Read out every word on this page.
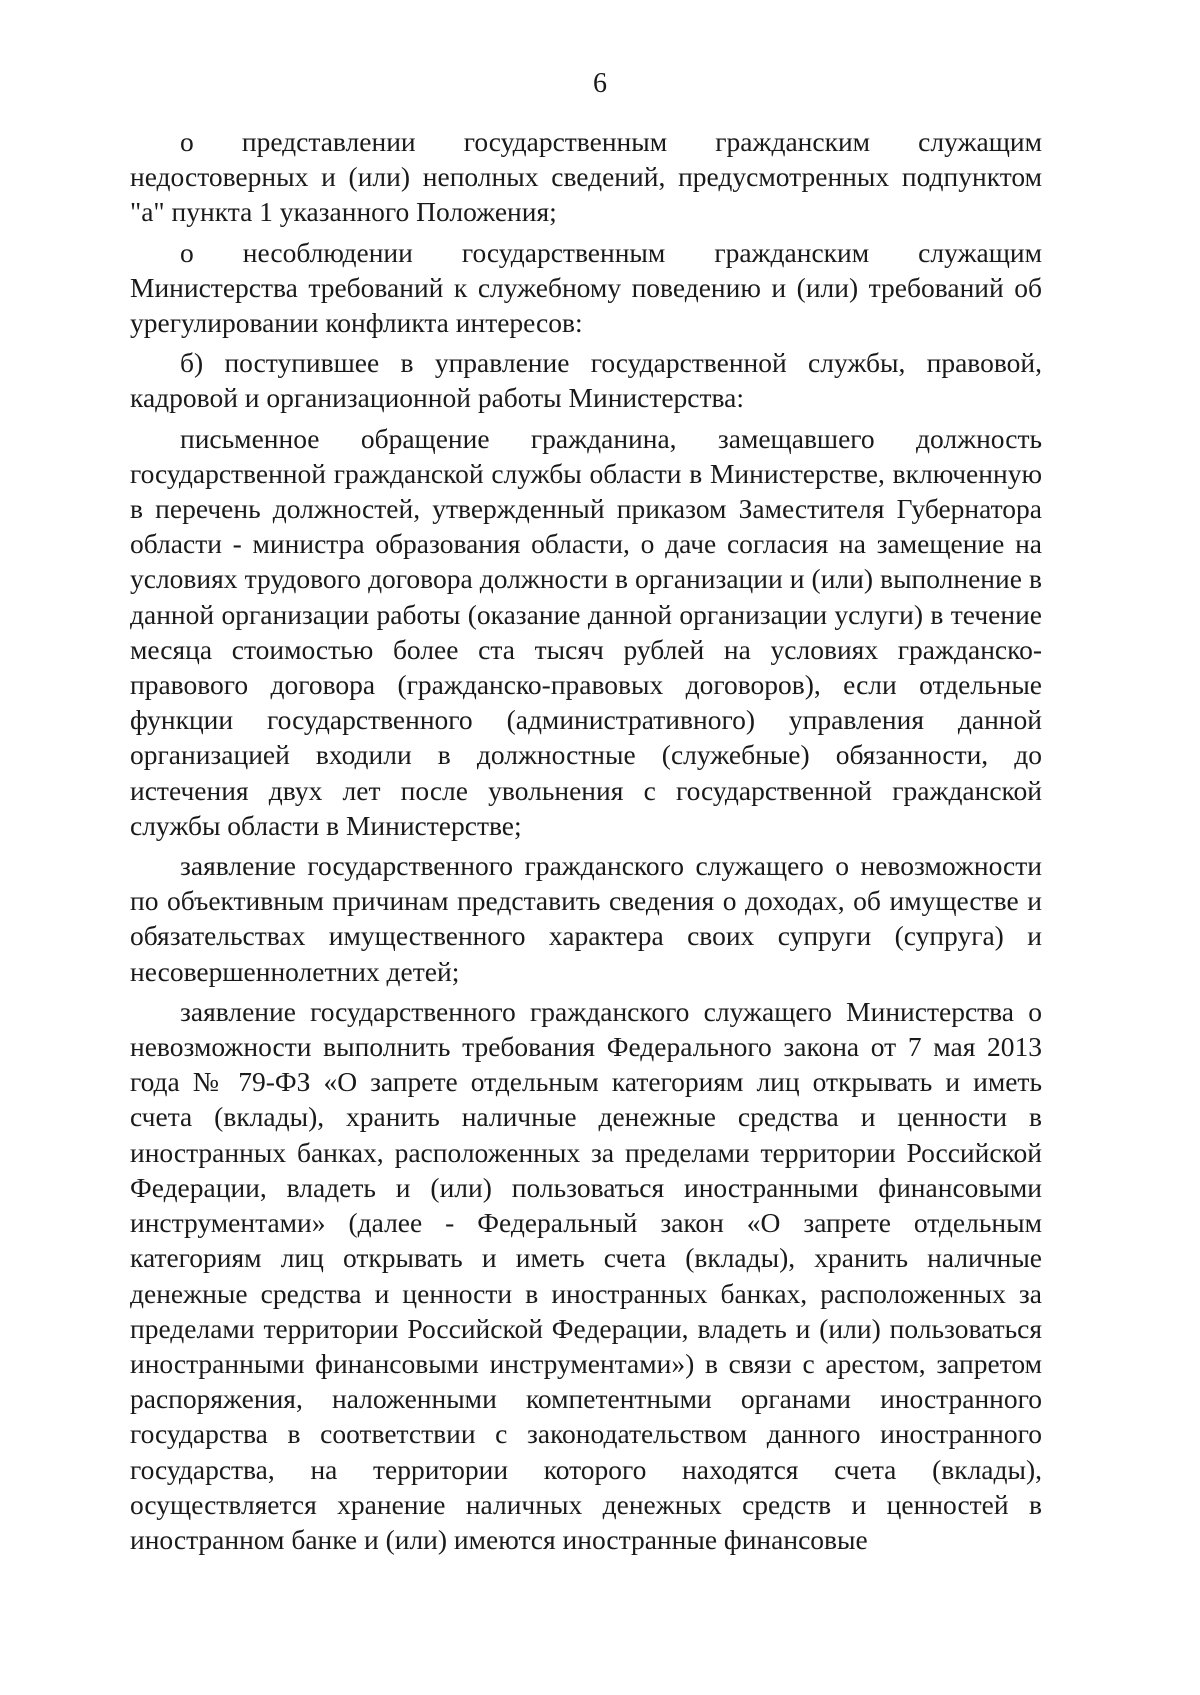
6

о представлении государственным гражданским служащим недостоверных и (или) неполных сведений, предусмотренных подпунктом "а" пункта 1 указанного Положения;

о несоблюдении государственным гражданским служащим Министерства требований к служебному поведению и (или) требований об урегулировании конфликта интересов:

б) поступившее в управление государственной службы, правовой, кадровой и организационной работы Министерства:

письменное обращение гражданина, замещавшего должность государственной гражданской службы области в Министерстве, включенную в перечень должностей, утвержденный приказом Заместителя Губернатора области - министра образования области, о даче согласия на замещение на условиях трудового договора должности в организации и (или) выполнение в данной организации работы (оказание данной организации услуги) в течение месяца стоимостью более ста тысяч рублей на условиях гражданско-правового договора (гражданско-правовых договоров), если отдельные функции государственного (административного) управления данной организацией входили в должностные (служебные) обязанности, до истечения двух лет после увольнения с государственной гражданской службы области в Министерстве;

заявление государственного гражданского служащего о невозможности по объективным причинам представить сведения о доходах, об имуществе и обязательствах имущественного характера своих супруги (супруга) и несовершеннолетних детей;

заявление государственного гражданского служащего Министерства о невозможности выполнить требования Федерального закона от 7 мая 2013 года № 79-ФЗ «О запрете отдельным категориям лиц открывать и иметь счета (вклады), хранить наличные денежные средства и ценности в иностранных банках, расположенных за пределами территории Российской Федерации, владеть и (или) пользоваться иностранными финансовыми инструментами» (далее - Федеральный закон «О запрете отдельным категориям лиц открывать и иметь счета (вклады), хранить наличные денежные средства и ценности в иностранных банках, расположенных за пределами территории Российской Федерации, владеть и (или) пользоваться иностранными финансовыми инструментами») в связи с арестом, запретом распоряжения, наложенными компетентными органами иностранного государства в соответствии с законодательством данного иностранного государства, на территории которого находятся счета (вклады), осуществляется хранение наличных денежных средств и ценностей в иностранном банке и (или) имеются иностранные финансовые
